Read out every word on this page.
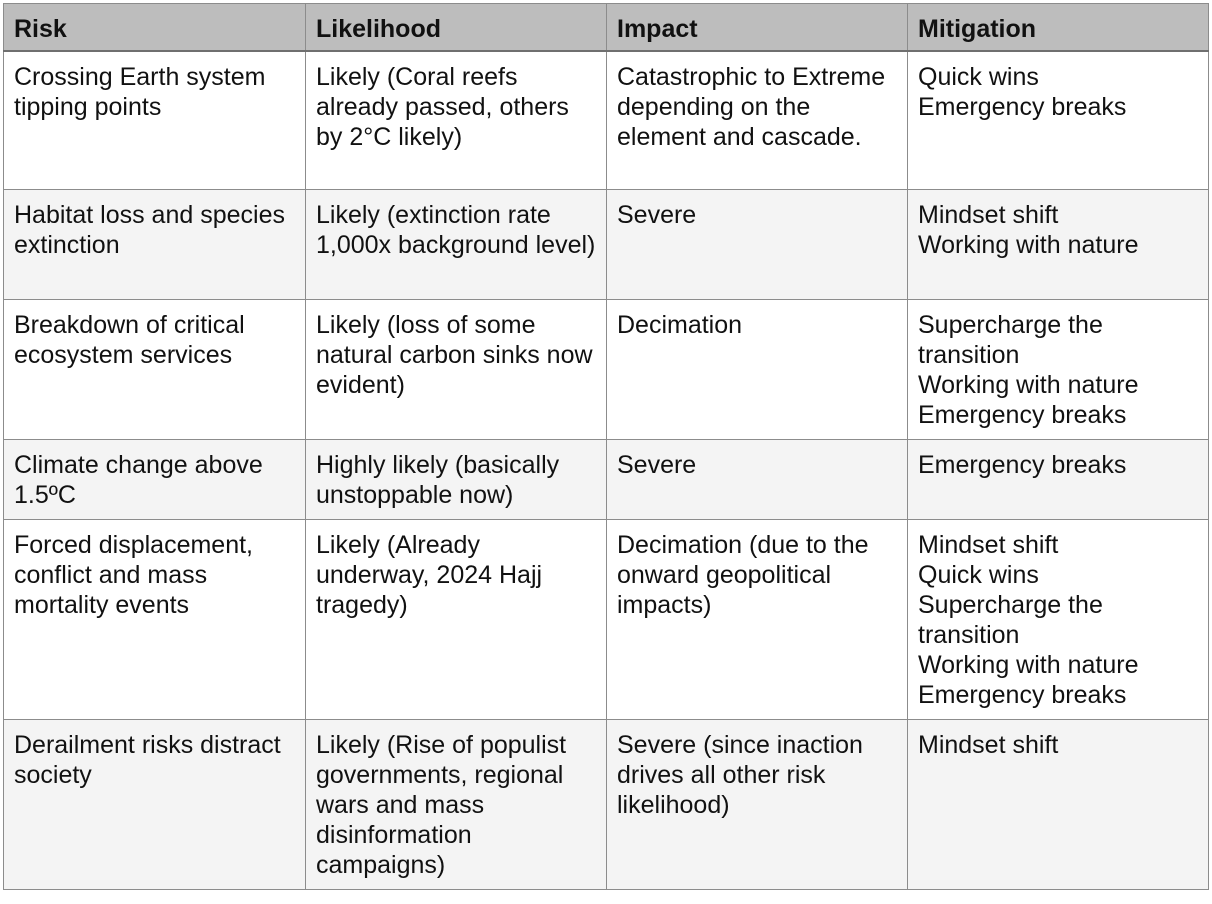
Risk	Likelihood	Impact	Mitigation
Crossing Earth system tipping points	Likely (Coral reefs already passed, others by 2°C likely)	Catastrophic to Extreme depending on the element and cascade.	Quick wins
Emergency breaks

Habitat loss and species extinction	Likely (extinction rate 1,000x background level)	Severe	Mindset shift
Working with nature

Breakdown of critical ecosystem services	Likely (loss of some natural carbon sinks now evident)	Decimation	Supercharge the transition
Working with nature
Emergency breaks

Climate change above 1.5ºC	Highly likely (basically unstoppable now)	Severe	Emergency breaks

Forced displacement, conflict and mass mortality events	Likely (Already underway, 2024 Hajj tragedy)	Decimation (due to the onward geopolitical impacts)	Mindset shift
Quick wins
Supercharge the transition
Working with nature
Emergency breaks

Derailment risks distract society	Likely (Rise of populist governments, regional wars and mass disinformation campaigns)	Severe (since inaction drives all other risk likelihood)	Mindset shift
